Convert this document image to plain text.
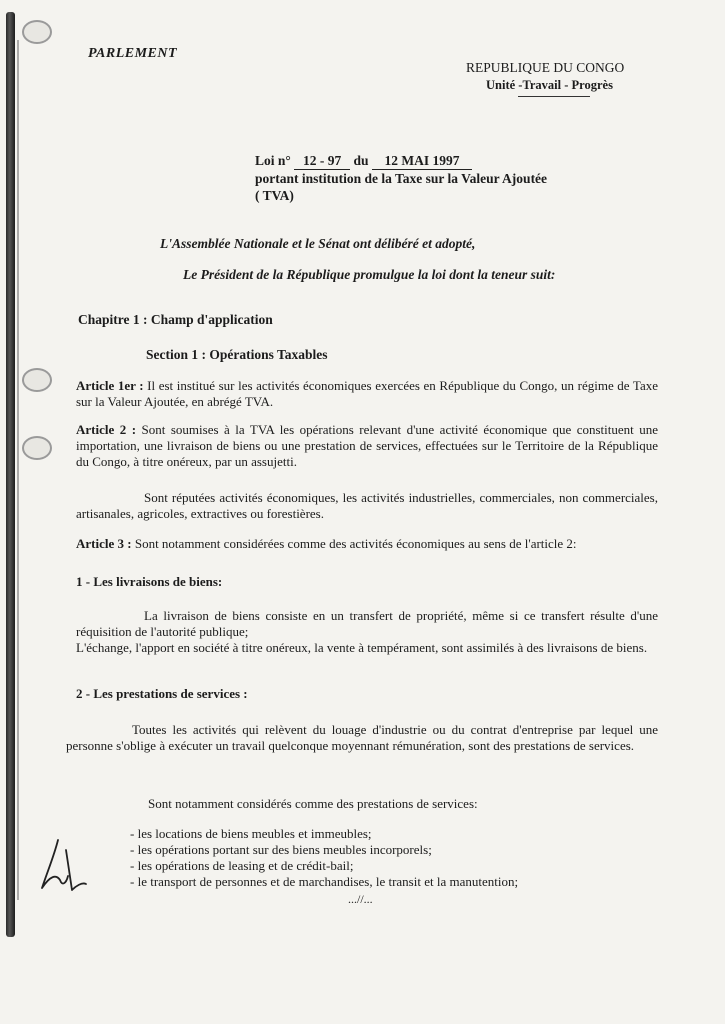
PARLEMENT
REPUBLIQUE DU CONGO
Unité -Travail - Progrès
Loi n° 12 - 97 du 12 MAI 1997
portant institution de la Taxe sur la Valeur Ajoutée
( TVA)
L'Assemblée Nationale et le Sénat ont délibéré et adopté,
Le Président de la République promulgue la loi dont la teneur suit:
Chapitre 1 : Champ d'application
Section 1 : Opérations Taxables
Article 1er : Il est institué sur les activités économiques exercées en République du Congo, un régime de Taxe sur la Valeur Ajoutée, en abrégé TVA.
Article 2 : Sont soumises à la TVA les opérations relevant d'une activité économique que constituent une importation, une livraison de biens ou une prestation de services, effectuées sur le Territoire de la République du Congo, à titre onéreux, par un assujetti.
Sont réputées activités économiques, les activités industrielles, commerciales, non commerciales, artisanales, agricoles, extractives ou forestières.
Article 3 : Sont notamment considérées comme des activités économiques au sens de l'article 2:
1 - Les livraisons de biens:
La livraison de biens consiste en un transfert de propriété, même si ce transfert résulte d'une réquisition de l'autorité publique;
L'échange, l'apport en société à titre onéreux, la vente à tempérament, sont assimilés à des livraisons de biens.
2 - Les prestations de services :
Toutes les activités qui relèvent du louage d'industrie ou du contrat d'entreprise par lequel une personne s'oblige à exécuter un travail quelconque moyennant rémunération, sont des prestations de services.
Sont notamment considérés comme des prestations de services:
- les locations de biens meubles et immeubles;
- les opérations portant sur des biens meubles incorporels;
- les opérations de leasing et de crédit-bail;
- le transport de personnes et de marchandises, le transit et la manutention;
...//...
